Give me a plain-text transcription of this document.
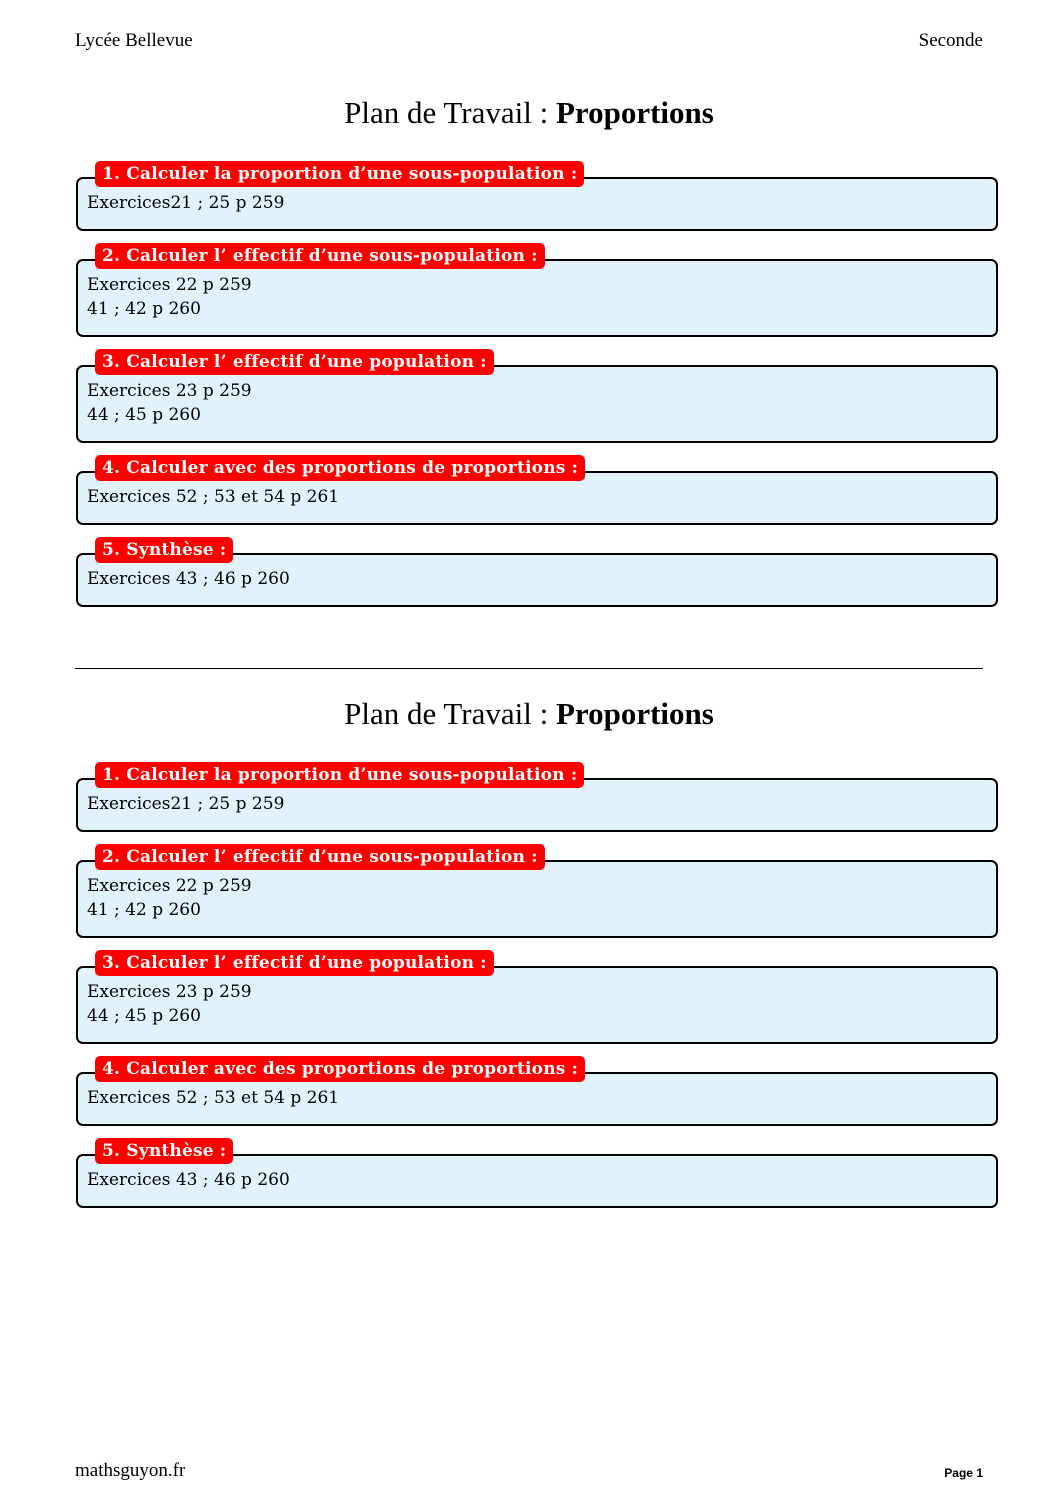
Lycée Bellevue	Seconde
Plan de Travail : Proportions
1. Calculer la proportion d’une sous-population :
Exercices21 ; 25 p 259
2. Calculer l’ effectif d’une sous-population :
Exercices 22 p 259
41 ; 42 p 260
3. Calculer l’ effectif d’une population :
Exercices 23 p 259
44 ; 45 p 260
4. Calculer avec des proportions de proportions :
Exercices 52 ; 53 et 54 p 261
5. Synthèse :
Exercices 43 ; 46 p 260
Plan de Travail : Proportions
1. Calculer la proportion d’une sous-population :
Exercices21 ; 25 p 259
2. Calculer l’ effectif d’une sous-population :
Exercices 22 p 259
41 ; 42 p 260
3. Calculer l’ effectif d’une population :
Exercices 23 p 259
44 ; 45 p 260
4. Calculer avec des proportions de proportions :
Exercices 52 ; 53 et 54 p 261
5. Synthèse :
Exercices 43 ; 46 p 260
mathsguyon.fr	Page 1
